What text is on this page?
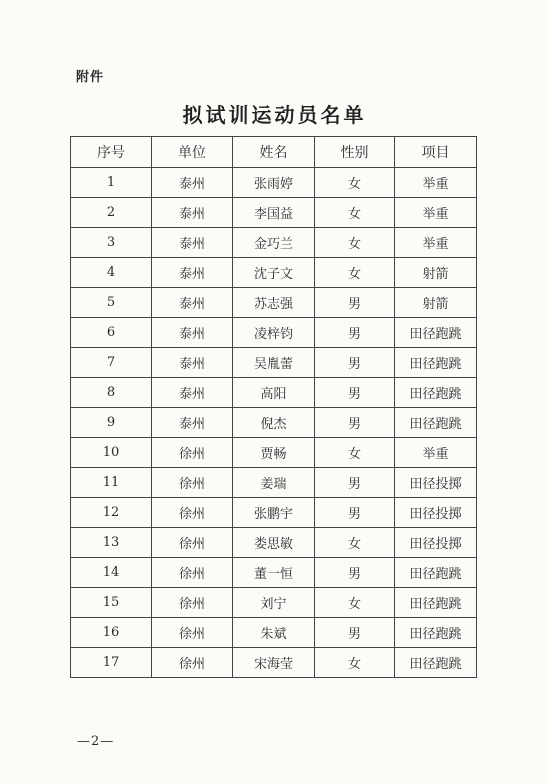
附件
拟试训运动员名单
序号	单位	姓名	性别	项目
1	泰州	张雨婷	女	举重
2	泰州	李国益	女	举重
3	泰州	金巧兰	女	举重
4	泰州	沈子文	女	射箭
5	泰州	苏志强	男	射箭
6	泰州	凌梓钧	男	田径跑跳
7	泰州	吴胤蕾	男	田径跑跳
8	泰州	高阳	男	田径跑跳
9	泰州	倪杰	男	田径跑跳
10	徐州	贾畅	女	举重
11	徐州	姜瑞	男	田径投掷
12	徐州	张鹏宇	男	田径投掷
13	徐州	娄思敏	女	田径投掷
14	徐州	董一恒	男	田径跑跳
15	徐州	刘宁	女	田径跑跳
16	徐州	朱斌	男	田径跑跳
17	徐州	宋海莹	女	田径跑跳
—2—
